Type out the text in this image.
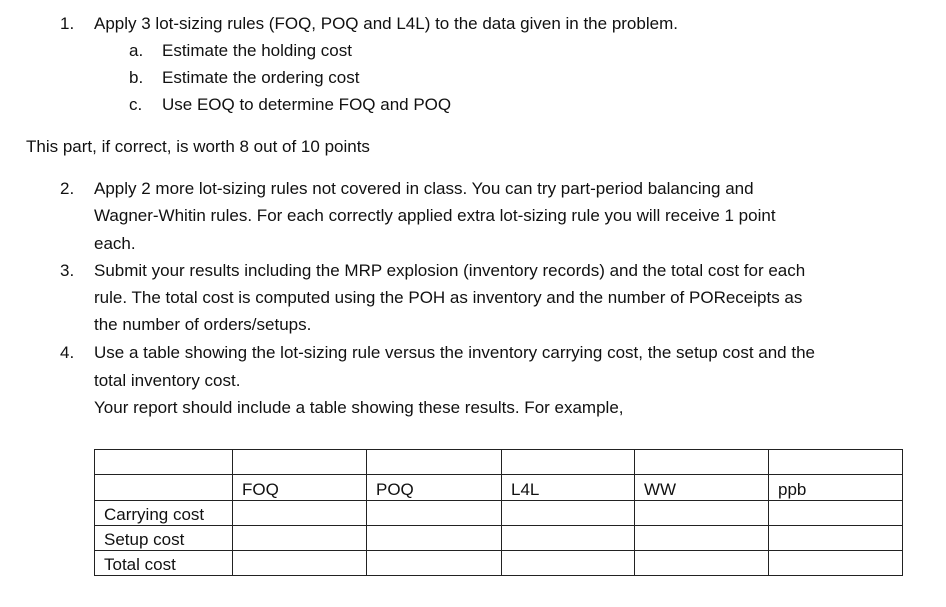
1. Apply 3 lot-sizing rules (FOQ, POQ and L4L) to the data given in the problem.
a. Estimate the holding cost
b. Estimate the ordering cost
c. Use EOQ to determine FOQ and POQ
This part, if correct, is worth 8 out of 10 points
2. Apply 2 more lot-sizing rules not covered in class. You can try part-period balancing and
Wagner-Whitin rules. For each correctly applied extra lot-sizing rule you will receive 1 point
each.
3. Submit your results including the MRP explosion (inventory records) and the total cost for each
rule. The total cost is computed using the POH as inventory and the number of POReceipts as
the number of orders/setups.
4. Use a table showing the lot-sizing rule versus the inventory carrying cost, the setup cost and the
total inventory cost.
Your report should include a table showing these results. For example,

	FOQ	POQ	L4L	WW	ppb
Carrying cost					
Setup cost					
Total cost					
